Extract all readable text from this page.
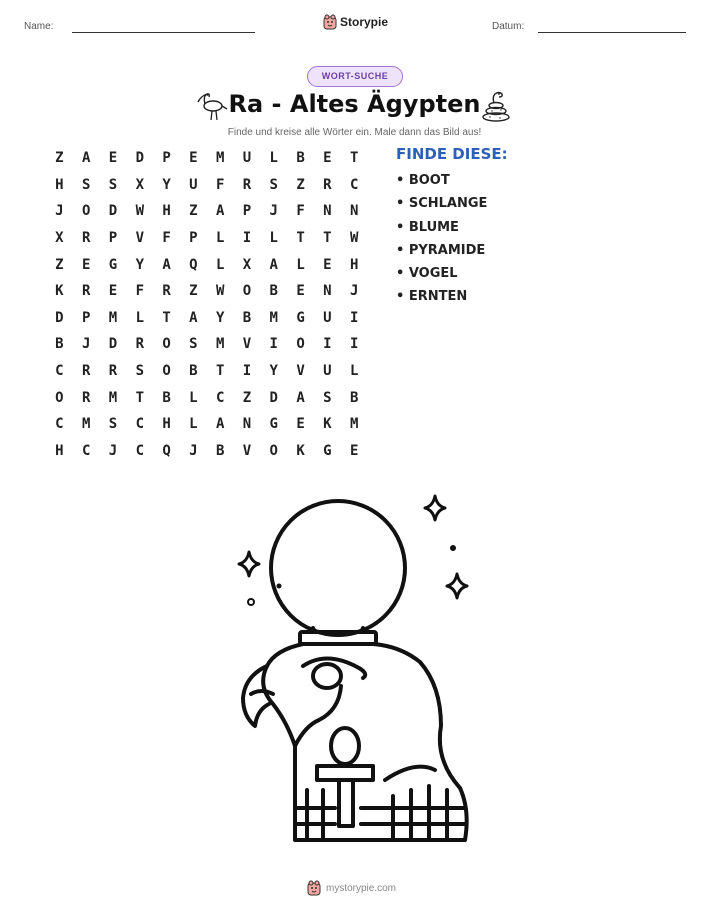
Name:	Storypie	Datum:
WORT-SUCHE
Ra - Altes Ägypten
Finde und kreise alle Wörter ein. Male dann das Bild aus!
Z	A	E	D	P	E	M	U	L	B	E	T
H	S	S	X	Y	U	F	R	S	Z	R	C
J	O	D	W	H	Z	A	P	J	F	N	N
X	R	P	V	F	P	L	I	L	T	T	W
Z	E	G	Y	A	Q	L	X	A	L	E	H
K	R	E	F	R	Z	W	O	B	E	N	J
D	P	M	L	T	A	Y	B	M	G	U	I
B	J	D	R	O	S	M	V	I	O	I	I
C	R	R	S	O	B	T	I	Y	V	U	L
O	R	M	T	B	L	C	Z	D	A	S	B
C	M	S	C	H	L	A	N	G	E	K	M
H	C	J	C	Q	J	B	V	O	K	G	E
FINDE DIESE:
• BOOT
• SCHLANGE
• BLUME
• PYRAMIDE
• VOGEL
• ERNTEN
mystorypie.com
